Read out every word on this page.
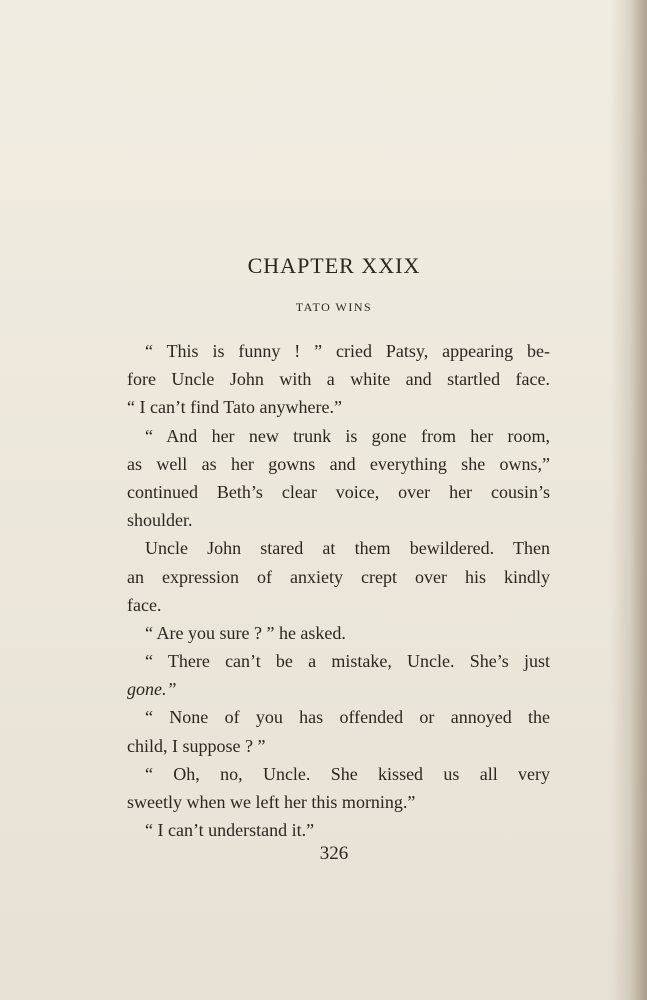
CHAPTER XXIX
TATO WINS
“ This is funny ! ” cried Patsy, appearing be-
fore Uncle John with a white and startled face.
“ I can’t find Tato anywhere.”
“ And her new trunk is gone from her room,
as well as her gowns and everything she owns,”
continued Beth’s clear voice, over her cousin’s
shoulder.
Uncle John stared at them bewildered. Then
an expression of anxiety crept over his kindly
face.
“ Are you sure ? ” he asked.
“ There can’t be a mistake, Uncle. She’s just
gone.”
“ None of you has offended or annoyed the
child, I suppose ? ”
“ Oh, no, Uncle. She kissed us all very
sweetly when we left her this morning.”
“ I can’t understand it.”
326
